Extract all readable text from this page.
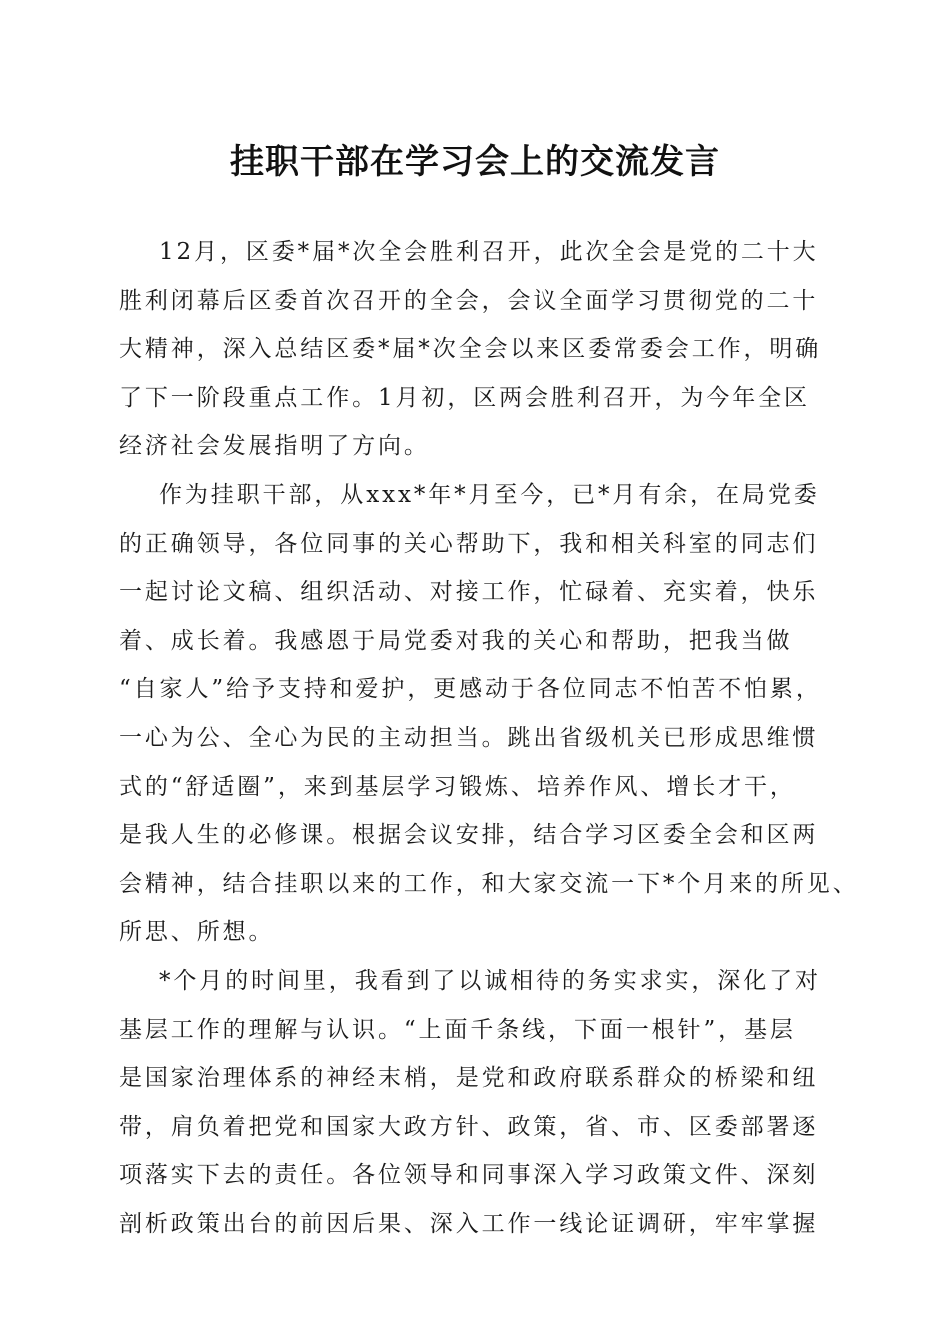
挂职干部在学习会上的交流发言
12月，区委*届*次全会胜利召开，此次全会是党的二十大
胜利闭幕后区委首次召开的全会，会议全面学习贯彻党的二十
大精神，深入总结区委*届*次全会以来区委常委会工作，明确
了下一阶段重点工作。1月初，区两会胜利召开，为今年全区
经济社会发展指明了方向。
作为挂职干部，从xxx*年*月至今，已*月有余，在局党委
的正确领导，各位同事的关心帮助下，我和相关科室的同志们
一起讨论文稿、组织活动、对接工作，忙碌着、充实着，快乐
着、成长着。我感恩于局党委对我的关心和帮助，把我当做
“自家人”给予支持和爱护，更感动于各位同志不怕苦不怕累，
一心为公、全心为民的主动担当。跳出省级机关已形成思维惯
式的“舒适圈”，来到基层学习锻炼、培养作风、增长才干，
是我人生的必修课。根据会议安排，结合学习区委全会和区两
会精神，结合挂职以来的工作，和大家交流一下*个月来的所见、
所思、所想。
*个月的时间里，我看到了以诚相待的务实求实，深化了对
基层工作的理解与认识。“上面千条线，下面一根针”，基层
是国家治理体系的神经末梢，是党和政府联系群众的桥梁和纽
带，肩负着把党和国家大政方针、政策，省、市、区委部署逐
项落实下去的责任。各位领导和同事深入学习政策文件、深刻
剖析政策出台的前因后果、深入工作一线论证调研，牢牢掌握
